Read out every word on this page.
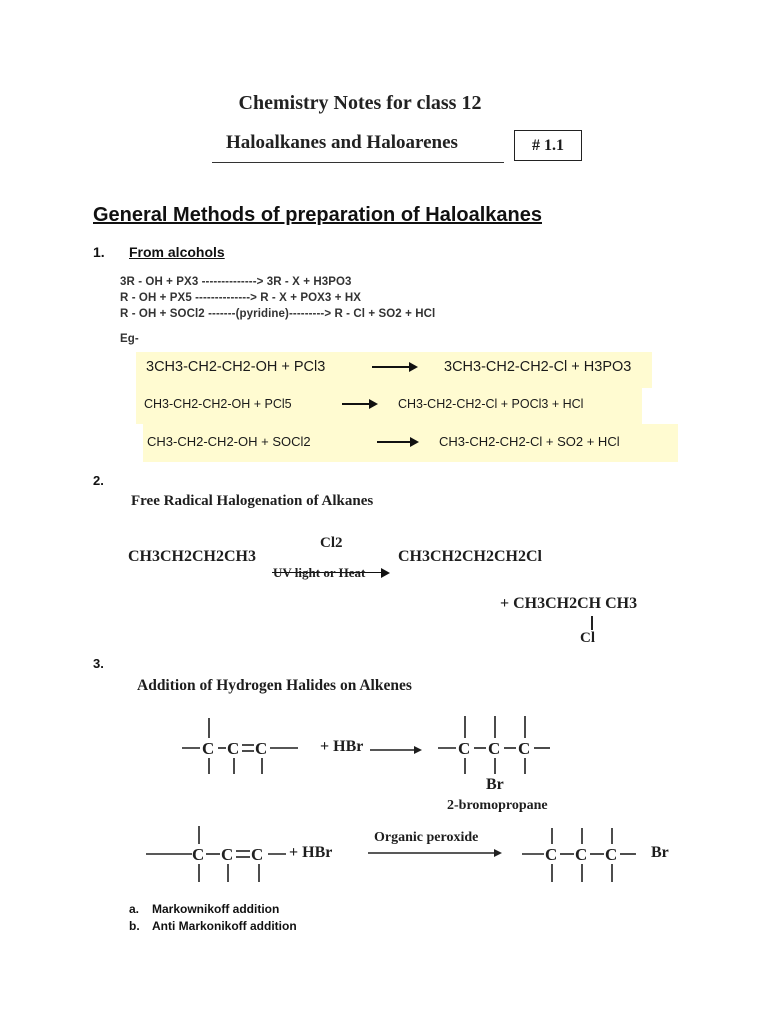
Chemistry Notes for class 12
Haloalkanes and Haloarenes	# 1.1
General Methods of preparation of Haloalkanes
1. From alcohols
3R - OH + PX3 --------------> 3R - X + H3PO3
R - OH + PX5 --------------> R - X + POX3 + HX
R - OH + SOCl2 -------(pyridine)---------> R - Cl + SO2 + HCl
Eg-
3CH3-CH2-CH2-OH + PCl3	3CH3-CH2-CH2-Cl + H3PO3
CH3-CH2-CH2-OH + PCl5	CH3-CH2-CH2-Cl + POCl3 + HCl
CH3-CH2-CH2-OH + SOCl2	CH3-CH2-CH2-Cl + SO2 + HCl
2.
Free Radical Halogenation of Alkanes
CH3CH2CH2CH3
Cl2
UV light or Heat
CH3CH2CH2CH2Cl
+ CH3CH2CH CH3
Cl
3.
Addition of Hydrogen Halides on Alkenes
C C C	C C C
+ HBr
Br
2-bromopropane
C C C	C C C
+ HBr
Organic peroxide
Br
a. Markownikoff addition
b. Anti Markonikoff addition
